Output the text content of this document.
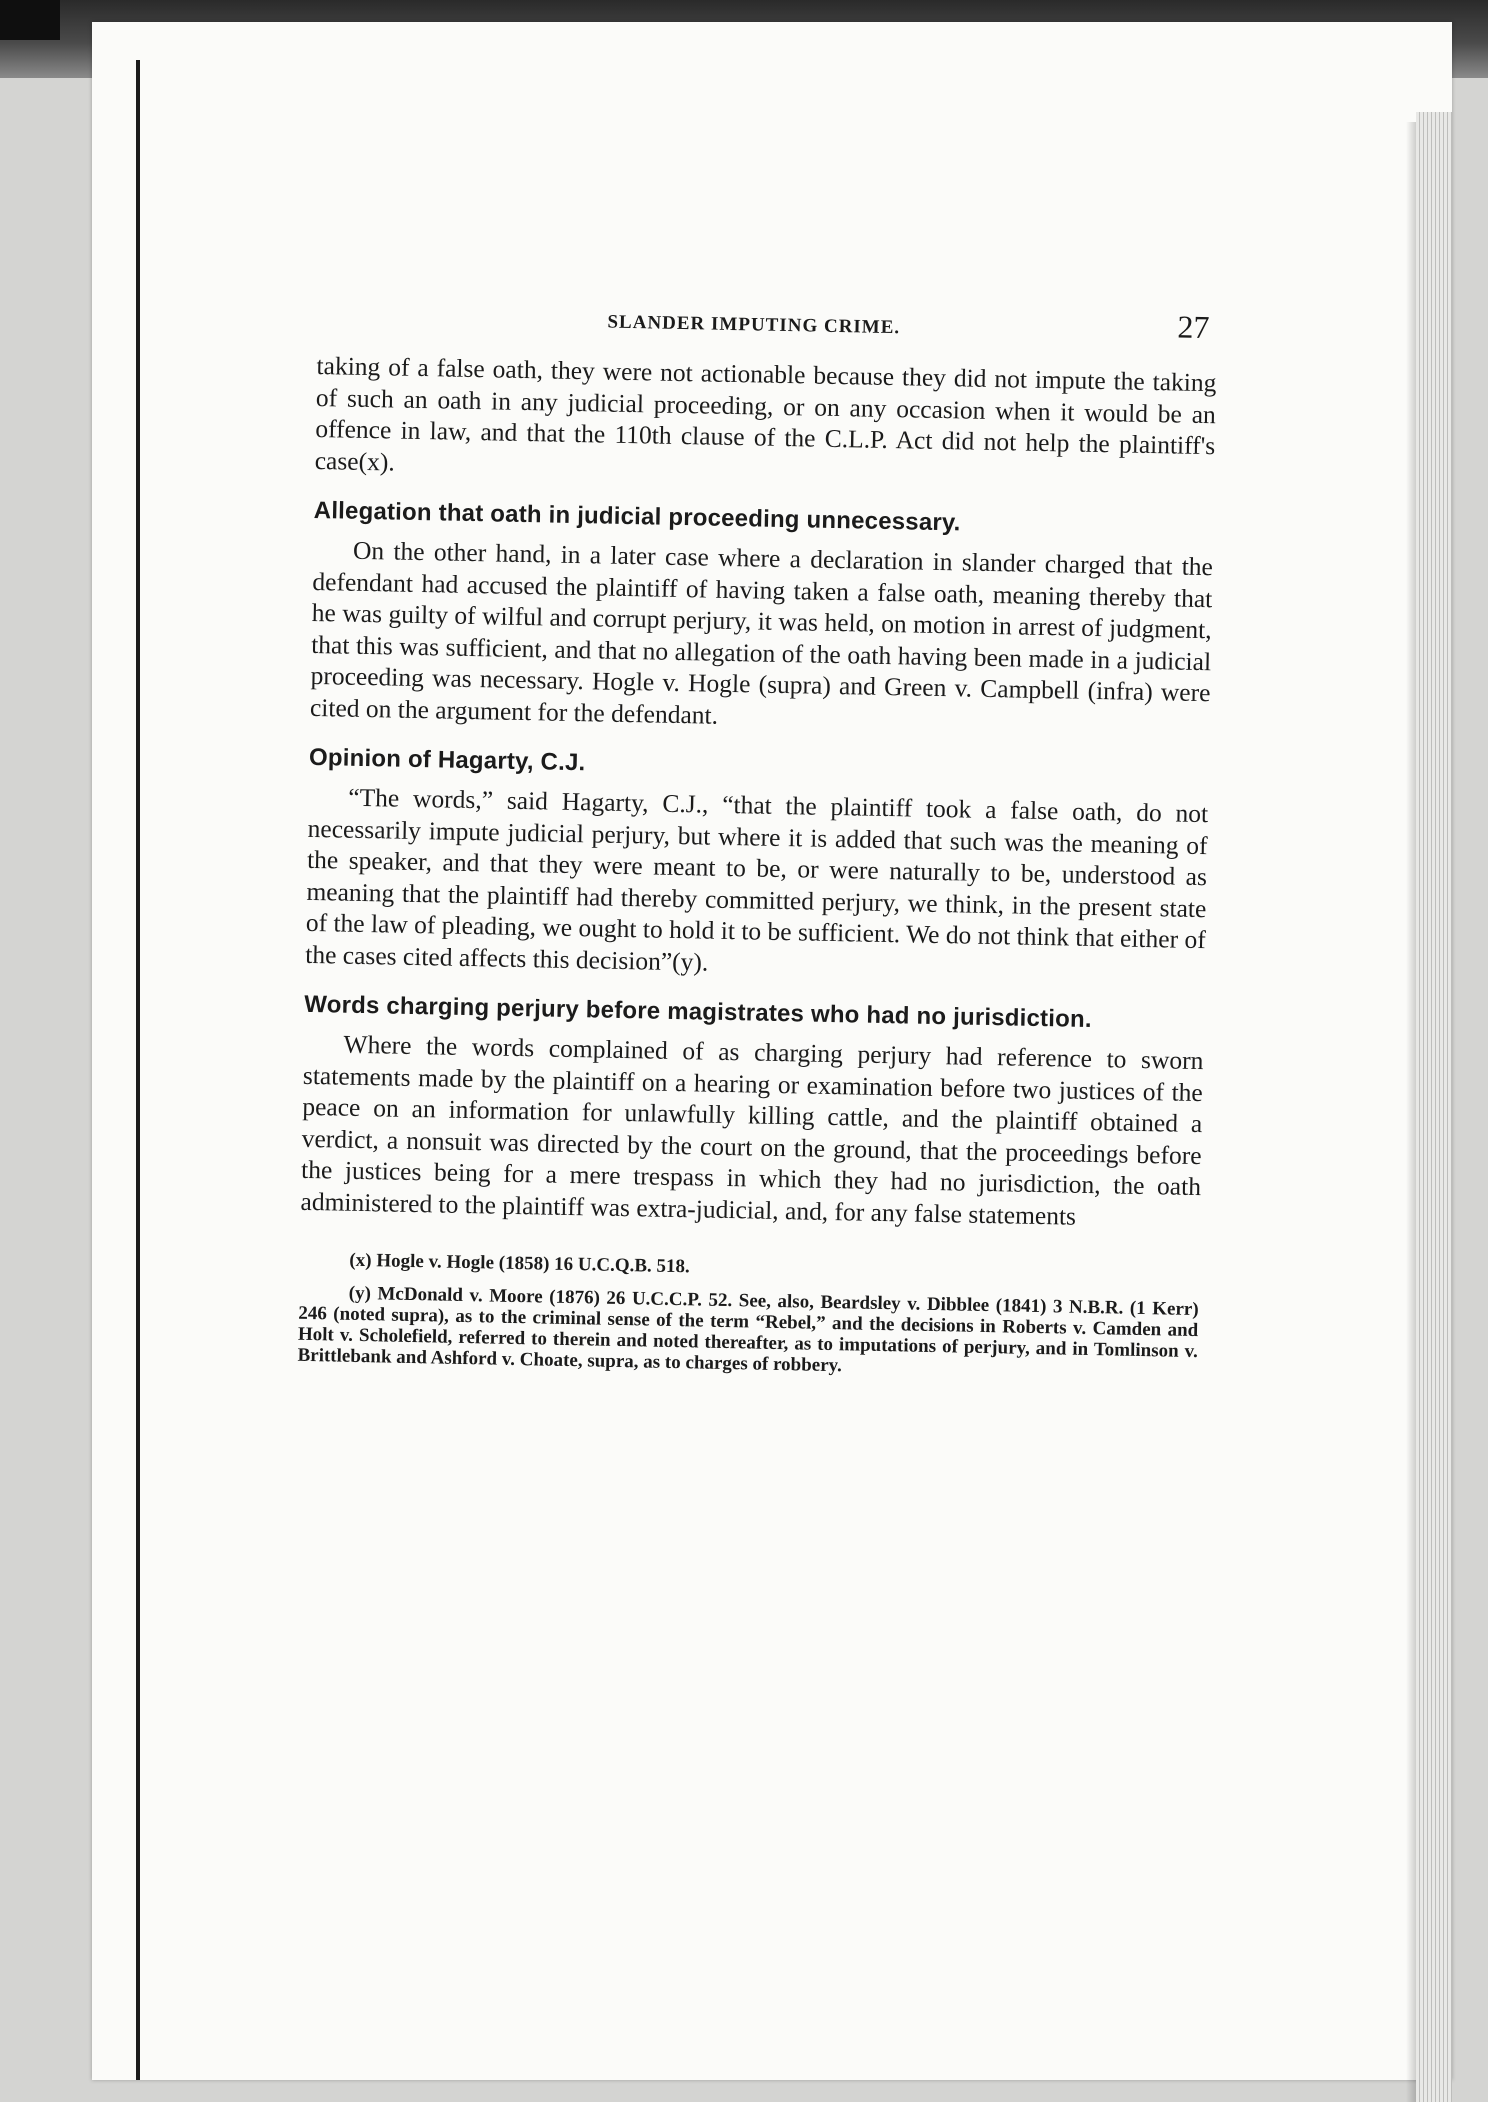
SLANDER IMPUTING CRIME.	27

taking of a false oath, they were not actionable because they did not impute the taking of such an oath in any judicial proceeding, or on any occasion when it would be an offence in law, and that the 110th clause of the C.L.P. Act did not help the plaintiff's case(x).

Allegation that oath in judicial proceeding unnecessary.

On the other hand, in a later case where a declaration in slander charged that the defendant had accused the plaintiff of having taken a false oath, meaning thereby that he was guilty of wilful and corrupt perjury, it was held, on motion in arrest of judgment, that this was sufficient, and that no allegation of the oath having been made in a judicial proceeding was necessary. Hogle v. Hogle (supra) and Green v. Campbell (infra) were cited on the argument for the defendant.

Opinion of Hagarty, C.J.

“The words,” said Hagarty, C.J., “that the plaintiff took a false oath, do not necessarily impute judicial perjury, but where it is added that such was the meaning of the speaker, and that they were meant to be, or were naturally to be, understood as meaning that the plaintiff had thereby committed perjury, we think, in the present state of the law of pleading, we ought to hold it to be sufficient. We do not think that either of the cases cited affects this decision”(y).

Words charging perjury before magistrates who had no jurisdiction.

Where the words complained of as charging perjury had reference to sworn statements made by the plaintiff on a hearing or examination before two justices of the peace on an information for unlawfully killing cattle, and the plaintiff obtained a verdict, a nonsuit was directed by the court on the ground, that the proceedings before the justices being for a mere trespass in which they had no jurisdiction, the oath administered to the plaintiff was extra-judicial, and, for any false statements

(x) Hogle v. Hogle (1858) 16 U.C.Q.B. 518.

(y) McDonald v. Moore (1876) 26 U.C.C.P. 52. See, also, Beardsley v. Dibblee (1841) 3 N.B.R. (1 Kerr) 246 (noted supra), as to the criminal sense of the term “Rebel,” and the decisions in Roberts v. Camden and Holt v. Scholefield, referred to therein and noted thereafter, as to imputations of perjury, and in Tomlinson v. Brittlebank and Ashford v. Choate, supra, as to charges of robbery.
